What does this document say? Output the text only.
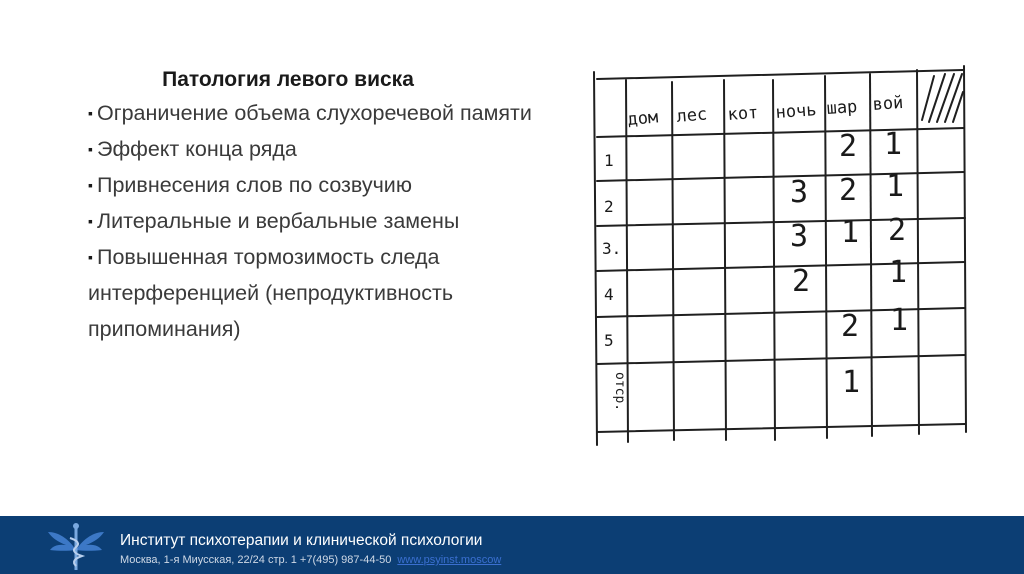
Патология левого виска
▪ Ограничение объема слухоречевой памяти
▪ Эффект конца ряда
▪ Привнесения слов по созвучию
▪ Литеральные и вербальные замены
▪ Повышенная тормозимость следа интерференцией (непродуктивность припоминания)
дом лес кот ночь шар вой
1
2
3.
4
5
отср.
2 1
3 2 1
3 1 2
2	1
2 1
1
Институт психотерапии и клинической психологии
Москва, 1-я Миусская, 22/24 стр. 1 +7(495) 987-44-50 www.psyinst.moscow
